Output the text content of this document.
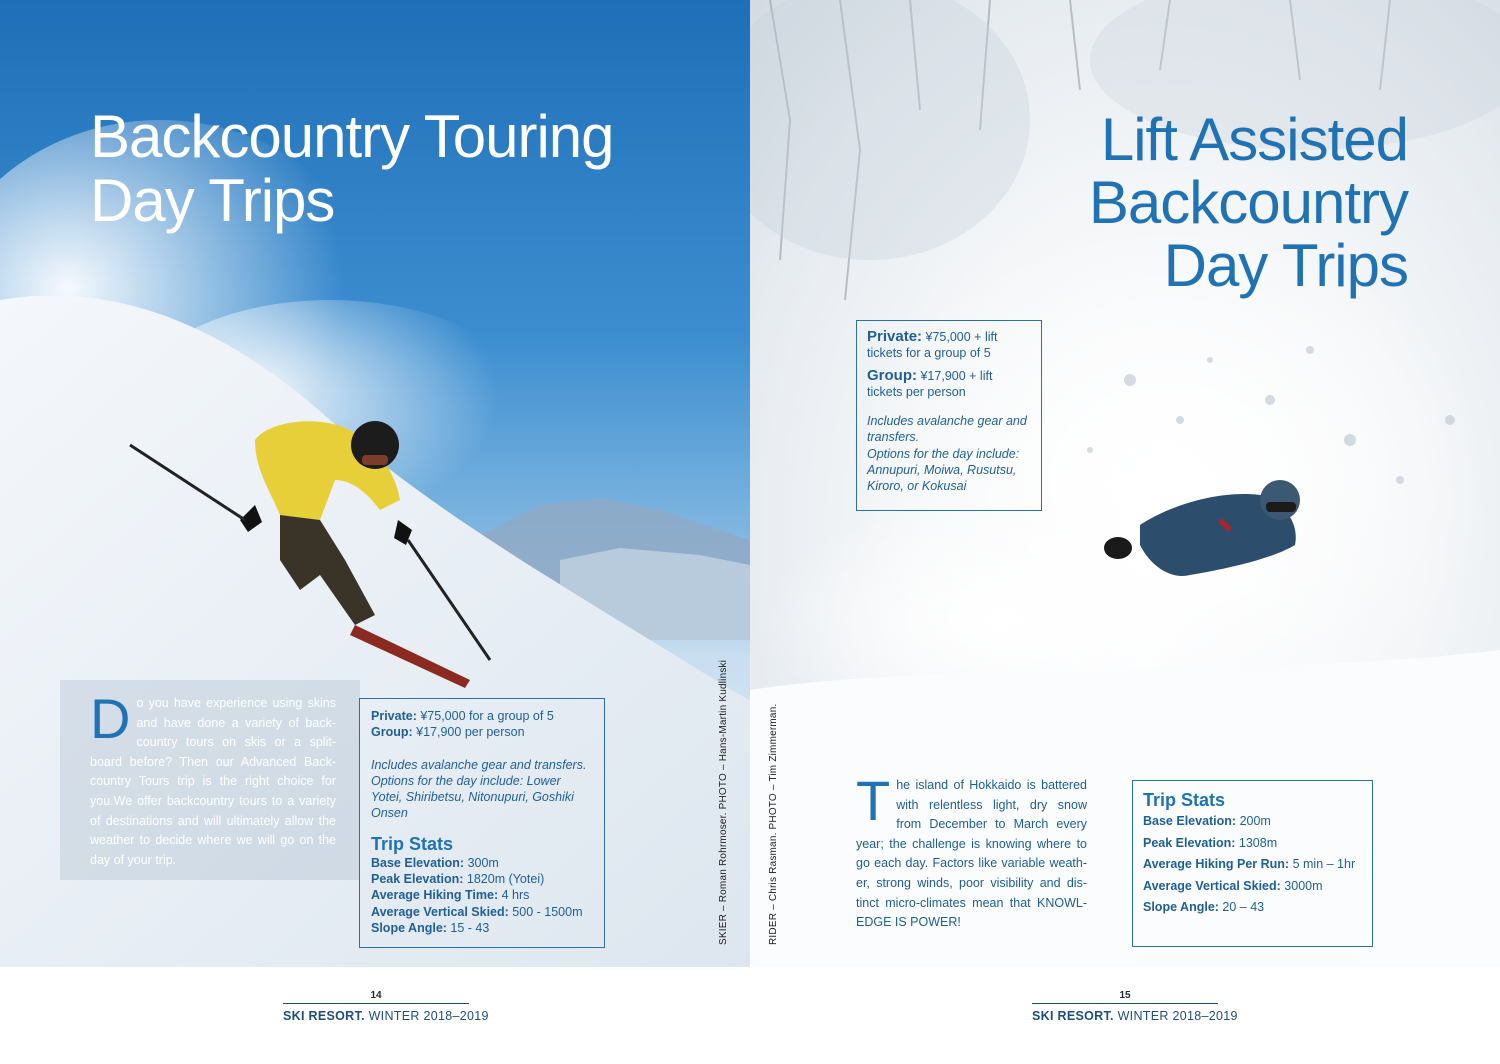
Backcountry Touring
Day Trips
Do you have experience using skins and have done a variety of back-country tours on skis or a split-board before? Then our Advanced Back-country Tours trip is the right choice for you.We offer backcountry tours to a variety of destinations and will ultimately allow the weather to decide where we will go on the day of your trip.

Private: ¥75,000 for a group of 5

Group: ¥17,900 per person

Includes avalanche gear and transfers.

Options for the day include: Lower Yotei, Shiribetsu, Nitonupuri, Goshiki Onsen

Trip Stats

Base Elevation: 300m

Peak Elevation: 1820m (Yotei)

Average Hiking Time: 4 hrs

Average Vertical Skied: 500 - 1500m

Slope Angle: 15 - 43	SKIER – Roman Rohrmoser. PHOTO – Hans-Martin Kudlinski
Lift Assisted
Backcountry
Day Trips

Private: ¥75,000 + lift tickets for a group of 5

Group: ¥17,900 + lift tickets per person

Includes avalanche gear and transfers.

Options for the day include: Annupuri, Moiwa, Rusutsu, Kiroro, or Kokusai

The island of Hokkaido is battered with relentless light, dry snow from December to March every year; the challenge is knowing where to go each day. Factors like variable weath-er, strong winds, poor visibility and dis-tinct micro-climates mean that KNOWL-EDGE IS POWER!

Trip Stats

Base Elevation: 200m

Peak Elevation: 1308m

Average Hiking Per Run: 5 min – 1hr

Average Vertical Skied: 3000m

Slope Angle: 20 – 43

RIDER – Chris Rasman. PHOTO – Tim Zimmerman.
14
SKI RESORT. WINTER 2018–2019
15
SKI RESORT. WINTER 2018–2019
